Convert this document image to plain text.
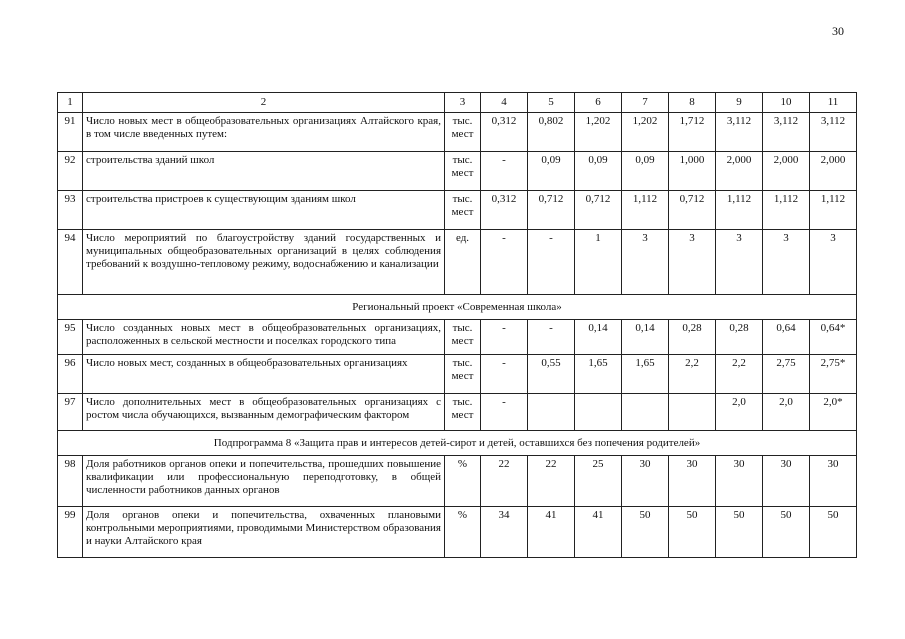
30
1	2	3	4	5	6	7	8	9	10	11
91	Число новых мест в общеобразовательных организациях Алтайского края, в том числе введенных путем:	тыс. мест	0,312	0,802	1,202	1,202	1,712	3,112	3,112	3,112
92	строительства зданий школ	тыс. мест	-	0,09	0,09	0,09	1,000	2,000	2,000	2,000
93	строительства пристроев к существующим зданиям школ	тыс. мест	0,312	0,712	0,712	1,112	0,712	1,112	1,112	1,112
94	Число мероприятий по благоустройству зданий государственных и муниципальных общеобразовательных организаций в целях соблюдения требований к воздушно-тепловому режиму, водоснабжению и канализации	ед.	-	-	1	3	3	3	3	3
Региональный проект «Современная школа»										
95	Число созданных новых мест в общеобразовательных организациях, расположенных в сельской местности и поселках городского типа	тыс. мест	-	-	0,14	0,14	0,28	0,28	0,64	0,64*
96	Число новых мест, созданных в общеобразовательных организациях	тыс. мест	-	0,55	1,65	1,65	2,2	2,2	2,75	2,75*
97	Число дополнительных мест в общеобразовательных организациях с ростом числа обучающихся, вызванным демографическим фактором	тыс. мест	-					2,0	2,0	2,0*
Подпрограмма 8 «Защита прав и интересов детей-сирот и детей, оставшихся без попечения родителей»										
98	Доля работников органов опеки и попечительства, прошедших повышение квалификации или профессиональную переподготовку, в общей численности работников данных органов	%	22	22	25	30	30	30	30	30
99	Доля органов опеки и попечительства, охваченных плановыми контрольными мероприятиями, проводимыми Министерством образования и науки Алтайского края	%	34	41	41	50	50	50	50	50
